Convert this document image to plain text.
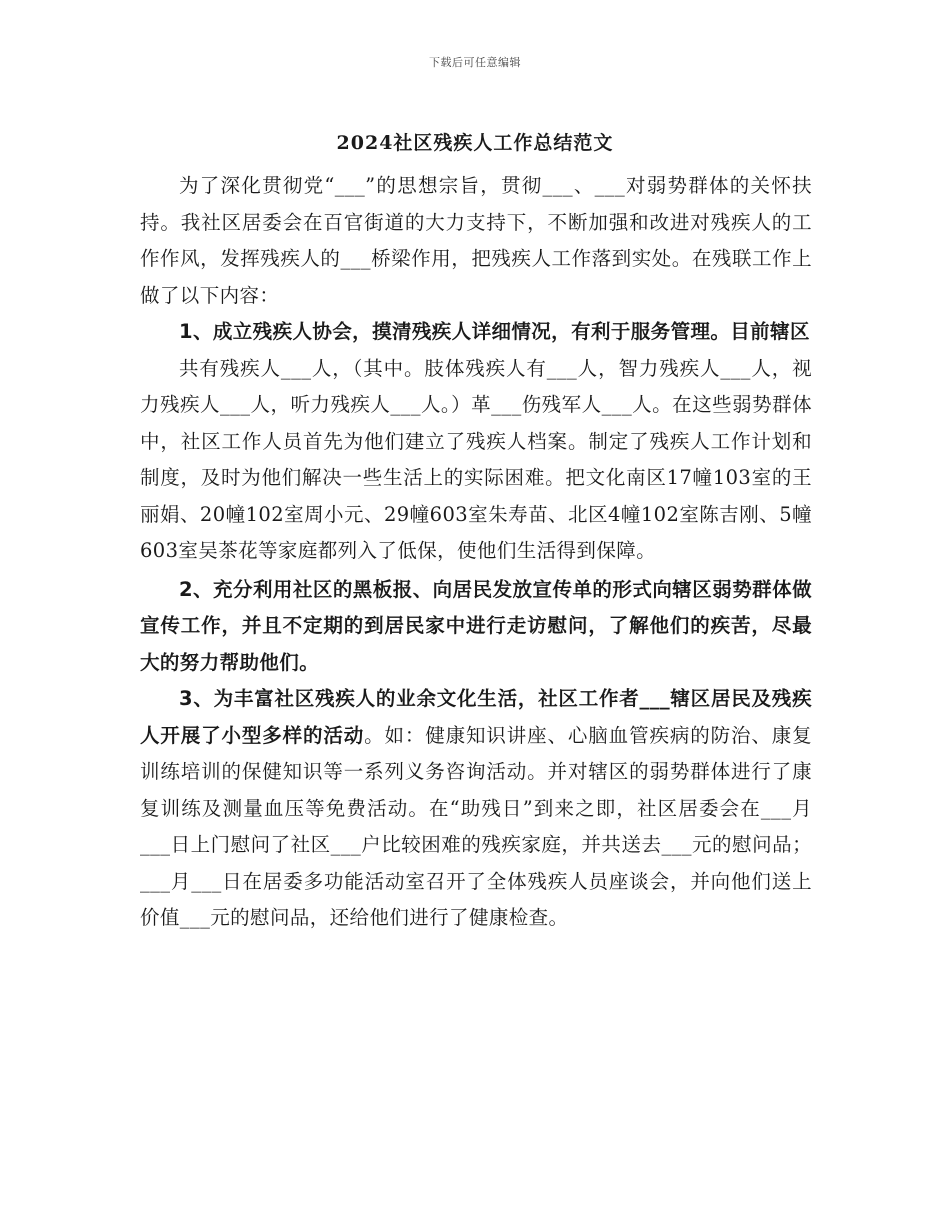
下载后可任意编辑
2024社区残疾人工作总结范文

为了深化贯彻党“___”的思想宗旨，贯彻___、___对弱势群体的关怀扶持。我社区居委会在百官街道的大力支持下，不断加强和改进对残疾人的工作作风，发挥残疾人的___桥梁作用，把残疾人工作落到实处。在残联工作上做了以下内容：

1、成立残疾人协会，摸清残疾人详细情况，有利于服务管理。目前辖区

共有残疾人___人，（其中。肢体残疾人有___人，智力残疾人___人，视力残疾人___人，听力残疾人___人。）革___伤残军人___人。在这些弱势群体中，社区工作人员首先为他们建立了残疾人档案。制定了残疾人工作计划和制度，及时为他们解决一些生活上的实际困难。把文化南区17幢103室的王丽娟、20幢102室周小元、29幢603室朱寿苗、北区4幢102室陈吉刚、5幢603室吴茶花等家庭都列入了低保，使他们生活得到保障。

2、充分利用社区的黑板报、向居民发放宣传单的形式向辖区弱势群体做宣传工作，并且不定期的到居民家中进行走访慰问，了解他们的疾苦，尽最大的努力帮助他们。

3、为丰富社区残疾人的业余文化生活，社区工作者___辖区居民及残疾人开展了小型多样的活动。如：健康知识讲座、心脑血管疾病的防治、康复训练培训的保健知识等一系列义务咨询活动。并对辖区的弱势群体进行了康复训练及测量血压等免费活动。在“助残日”到来之即，社区居委会在___月___日上门慰问了社区___户比较困难的残疾家庭，并共送去___元的慰问品；___月___日在居委多功能活动室召开了全体残疾人员座谈会，并向他们送上价值___元的慰问品，还给他们进行了健康检查。
